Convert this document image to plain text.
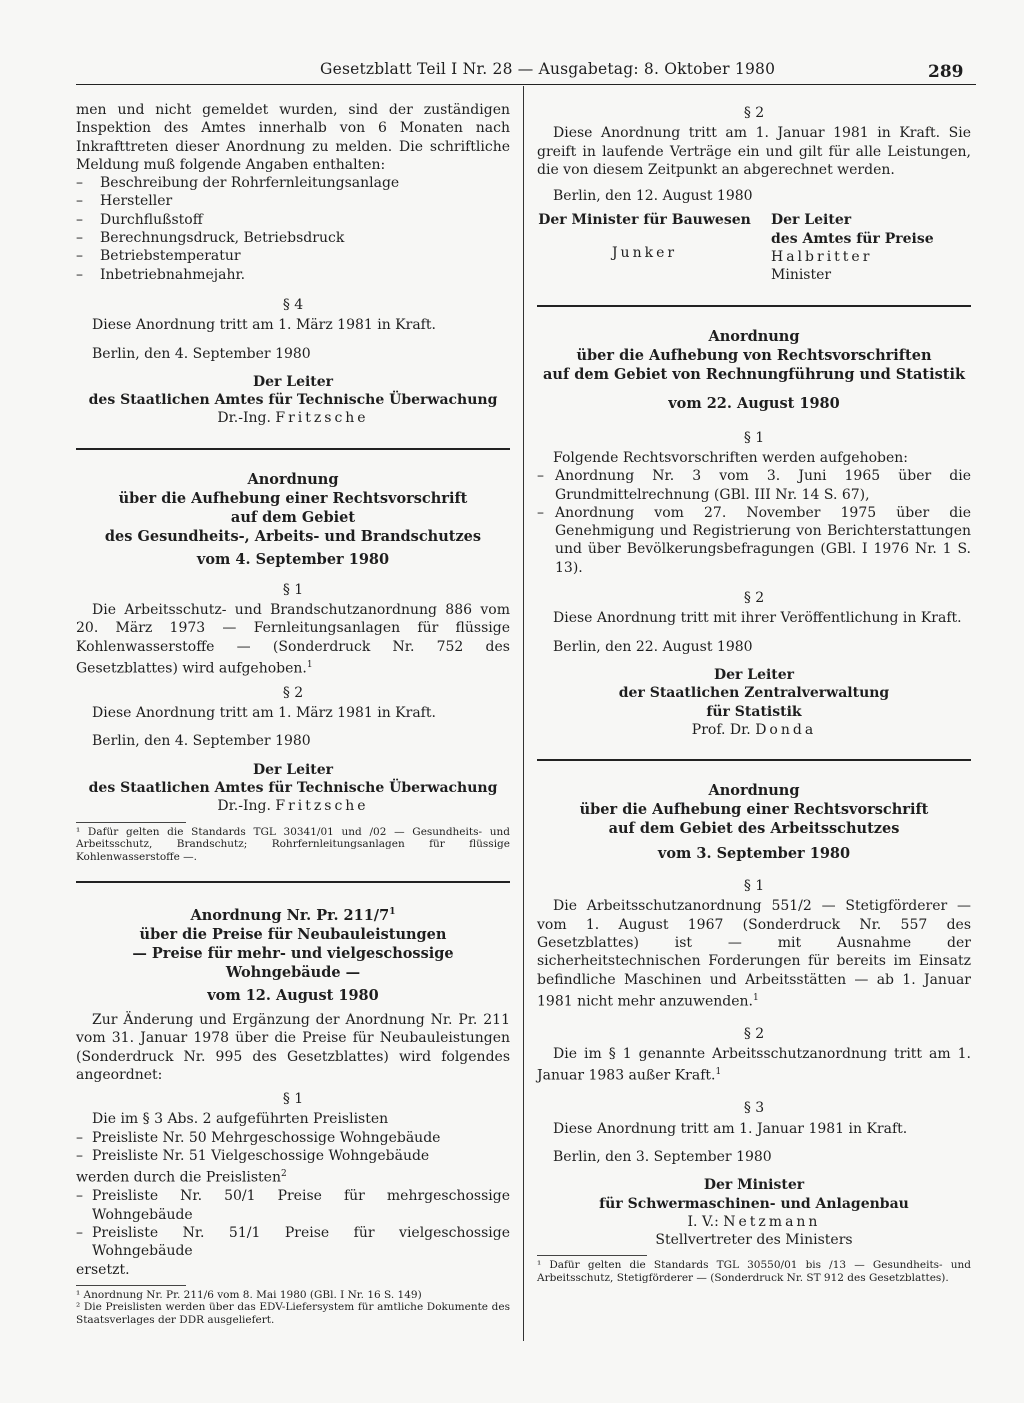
Gesetzblatt Teil I Nr. 28 — Ausgabetag: 8. Oktober 1980	289

men und nicht gemeldet wurden, sind der zuständigen Inspektion des Amtes innerhalb von 6 Monaten nach Inkrafttreten dieser Anordnung zu melden. Die schriftliche Meldung muß folgende Angaben enthalten:

–	Beschreibung der Rohrfernleitungsanlage
–	Hersteller
–	Durchflußstoff
–	Berechnungsdruck, Betriebsdruck
–	Betriebstemperatur
–	Inbetriebnahmejahr.

§ 4

Diese Anordnung tritt am 1. März 1981 in Kraft.

Berlin, den 4. September 1980

Der Leiter

des Staatlichen Amtes für Technische Überwachung

Dr.-Ing. Fritzsche

Anordnung

über die Aufhebung einer Rechtsvorschrift

auf dem Gebiet

des Gesundheits-, Arbeits- und Brandschutzes

vom 4. September 1980

§ 1

Die Arbeitsschutz- und Brandschutzanordnung 886 vom 20. März 1973 — Fernleitungsanlagen für flüssige Kohlenwasserstoffe — (Sonderdruck Nr. 752 des Gesetzblattes) wird aufgehoben.$^1$

§ 2

Diese Anordnung tritt am 1. März 1981 in Kraft.

Berlin, den 4. September 1980

Der Leiter

des Staatlichen Amtes für Technische Überwachung

Dr.-Ing. Fritzsche

¹ Dafür gelten die Standards TGL 30341/01 und /02 — Gesundheits- und Arbeitsschutz, Brandschutz; Rohrfernleitungsanlagen für flüssige Kohlenwasserstoffe —.

Anordnung Nr. Pr. $211/7^1$

über die Preise für Neubauleistungen

— Preise für mehr- und vielgeschossige Wohngebäude —

vom 12. August 1980

Zur Änderung und Ergänzung der Anordnung Nr. Pr. 211 vom 31. Januar 1978 über die Preise für Neubauleistungen (Sonderdruck Nr. 995 des Gesetzblattes) wird folgendes angeordnet:

§ 1

Die im § 3 Abs. 2 aufgeführten Preislisten

– Preisliste Nr. 50 Mehrgeschossige Wohngebäude
– Preisliste Nr. 51 Vielgeschossige Wohngebäude

werden durch die Preislisten$^2$

– Preisliste Nr. 50/1 Preise für mehrgeschossige Wohngebäude
– Preisliste Nr. 51/1 Preise für vielgeschossige Wohngebäude

ersetzt.

¹ Anordnung Nr. Pr. 211/6 vom 8. Mai 1980 (GBl. I Nr. 16 S. 149)

² Die Preislisten werden über das EDV-Liefersystem für amtliche Dokumente des Staatsverlages der DDR ausgeliefert.

§ 2

Diese Anordnung tritt am 1. Januar 1981 in Kraft. Sie greift in laufende Verträge ein und gilt für alle Leistungen, die von diesem Zeitpunkt an abgerechnet werden.

Berlin, den 12. August 1980

Der Minister für Bauwesen

Junker

Der Leiter

des Amtes für Preise

Halbritter

Minister

Anordnung

über die Aufhebung von Rechtsvorschriften

auf dem Gebiet von Rechnungführung und Statistik

vom 22. August 1980

§ 1

Folgende Rechtsvorschriften werden aufgehoben:

– Anordnung Nr. 3 vom 3. Juni 1965 über die Grundmittelrechnung (GBl. III Nr. 14 S. 67),
– Anordnung vom 27. November 1975 über die Genehmigung und Registrierung von Berichterstattungen und über Bevölkerungsbefragungen (GBl. I 1976 Nr. 1 S. 13).

§ 2

Diese Anordnung tritt mit ihrer Veröffentlichung in Kraft.

Berlin, den 22. August 1980

Der Leiter

der Staatlichen Zentralverwaltung

für Statistik

Prof. Dr. Donda

Anordnung

über die Aufhebung einer Rechtsvorschrift

auf dem Gebiet des Arbeitsschutzes

vom 3. September 1980

§ 1

Die Arbeitsschutzanordnung 551/2 — Stetigförderer — vom 1. August 1967 (Sonderdruck Nr. 557 des Gesetzblattes) ist — mit Ausnahme der sicherheitstechnischen Forderungen für bereits im Einsatz befindliche Maschinen und Arbeitsstätten — ab 1. Januar 1981 nicht mehr anzuwenden.$^1$

§ 2

Die im § 1 genannte Arbeitsschutzanordnung tritt am 1. Januar 1983 außer Kraft.$^1$

§ 3

Diese Anordnung tritt am 1. Januar 1981 in Kraft.

Berlin, den 3. September 1980

Der Minister

für Schwermaschinen- und Anlagenbau

I. V.: Netzmann

Stellvertreter des Ministers

¹ Dafür gelten die Standards TGL 30550/01 bis /13 — Gesundheits- und Arbeitsschutz, Stetigförderer — (Sonderdruck Nr. ST 912 des Gesetzblattes).
